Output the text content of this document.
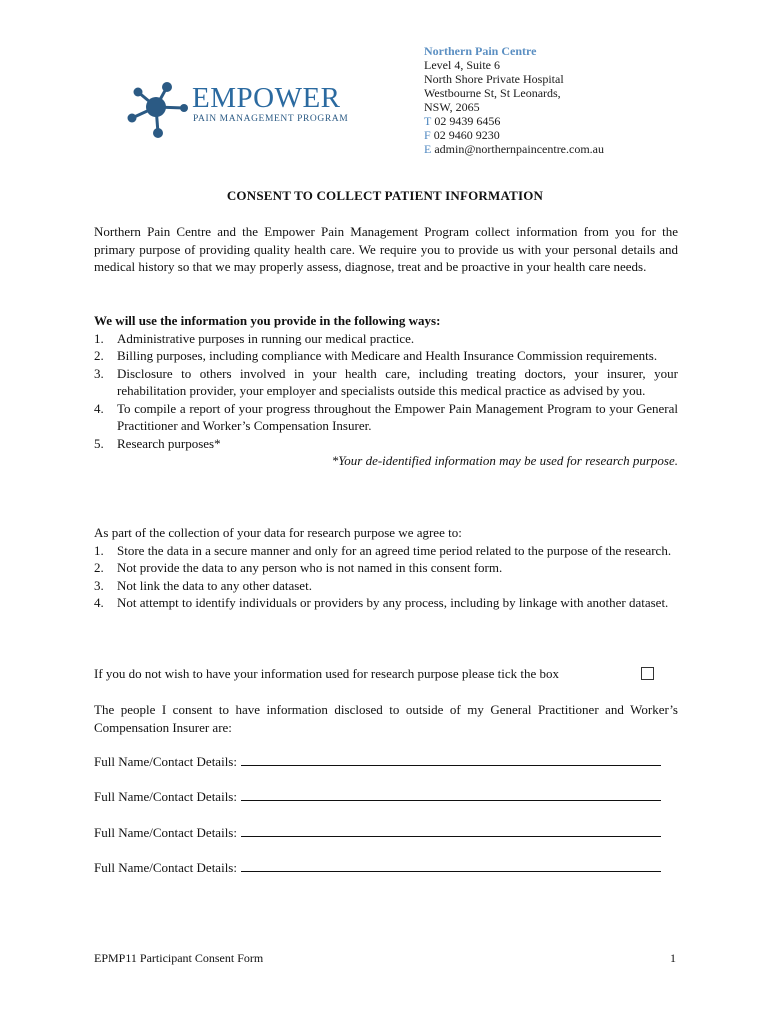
EMPOWER
PAIN MANAGEMENT PROGRAM
Northern Pain Centre
Level 4, Suite 6
North Shore Private Hospital
Westbourne St, St Leonards,
NSW, 2065
T 02 9439 6456
F 02 9460 9230
E admin@northernpaincentre.com.au
CONSENT TO COLLECT PATIENT INFORMATION
Northern Pain Centre and the Empower Pain Management Program collect information from you for the primary purpose of providing quality health care. We require you to provide us with your personal details and medical history so that we may properly assess, diagnose, treat and be proactive in your health care needs.
We will use the information you provide in the following ways:
1. Administrative purposes in running our medical practice.
2. Billing purposes, including compliance with Medicare and Health Insurance Commission requirements.
3. Disclosure to others involved in your health care, including treating doctors, your insurer, your rehabilitation provider, your employer and specialists outside this medical practice as advised by you.
4. To compile a report of your progress throughout the Empower Pain Management Program to your General Practitioner and Worker’s Compensation Insurer.
5. Research purposes*
*Your de-identified information may be used for research purpose.
As part of the collection of your data for research purpose we agree to:
1. Store the data in a secure manner and only for an agreed time period related to the purpose of the research.
2. Not provide the data to any person who is not named in this consent form.
3. Not link the data to any other dataset.
4. Not attempt to identify individuals or providers by any process, including by linkage with another dataset.
If you do not wish to have your information used for research purpose please tick the box
The people I consent to have information disclosed to outside of my General Practitioner and Worker’s Compensation Insurer are:
Full Name/Contact Details:
Full Name/Contact Details:
Full Name/Contact Details:
Full Name/Contact Details:
EPMP11 Participant Consent Form	1
